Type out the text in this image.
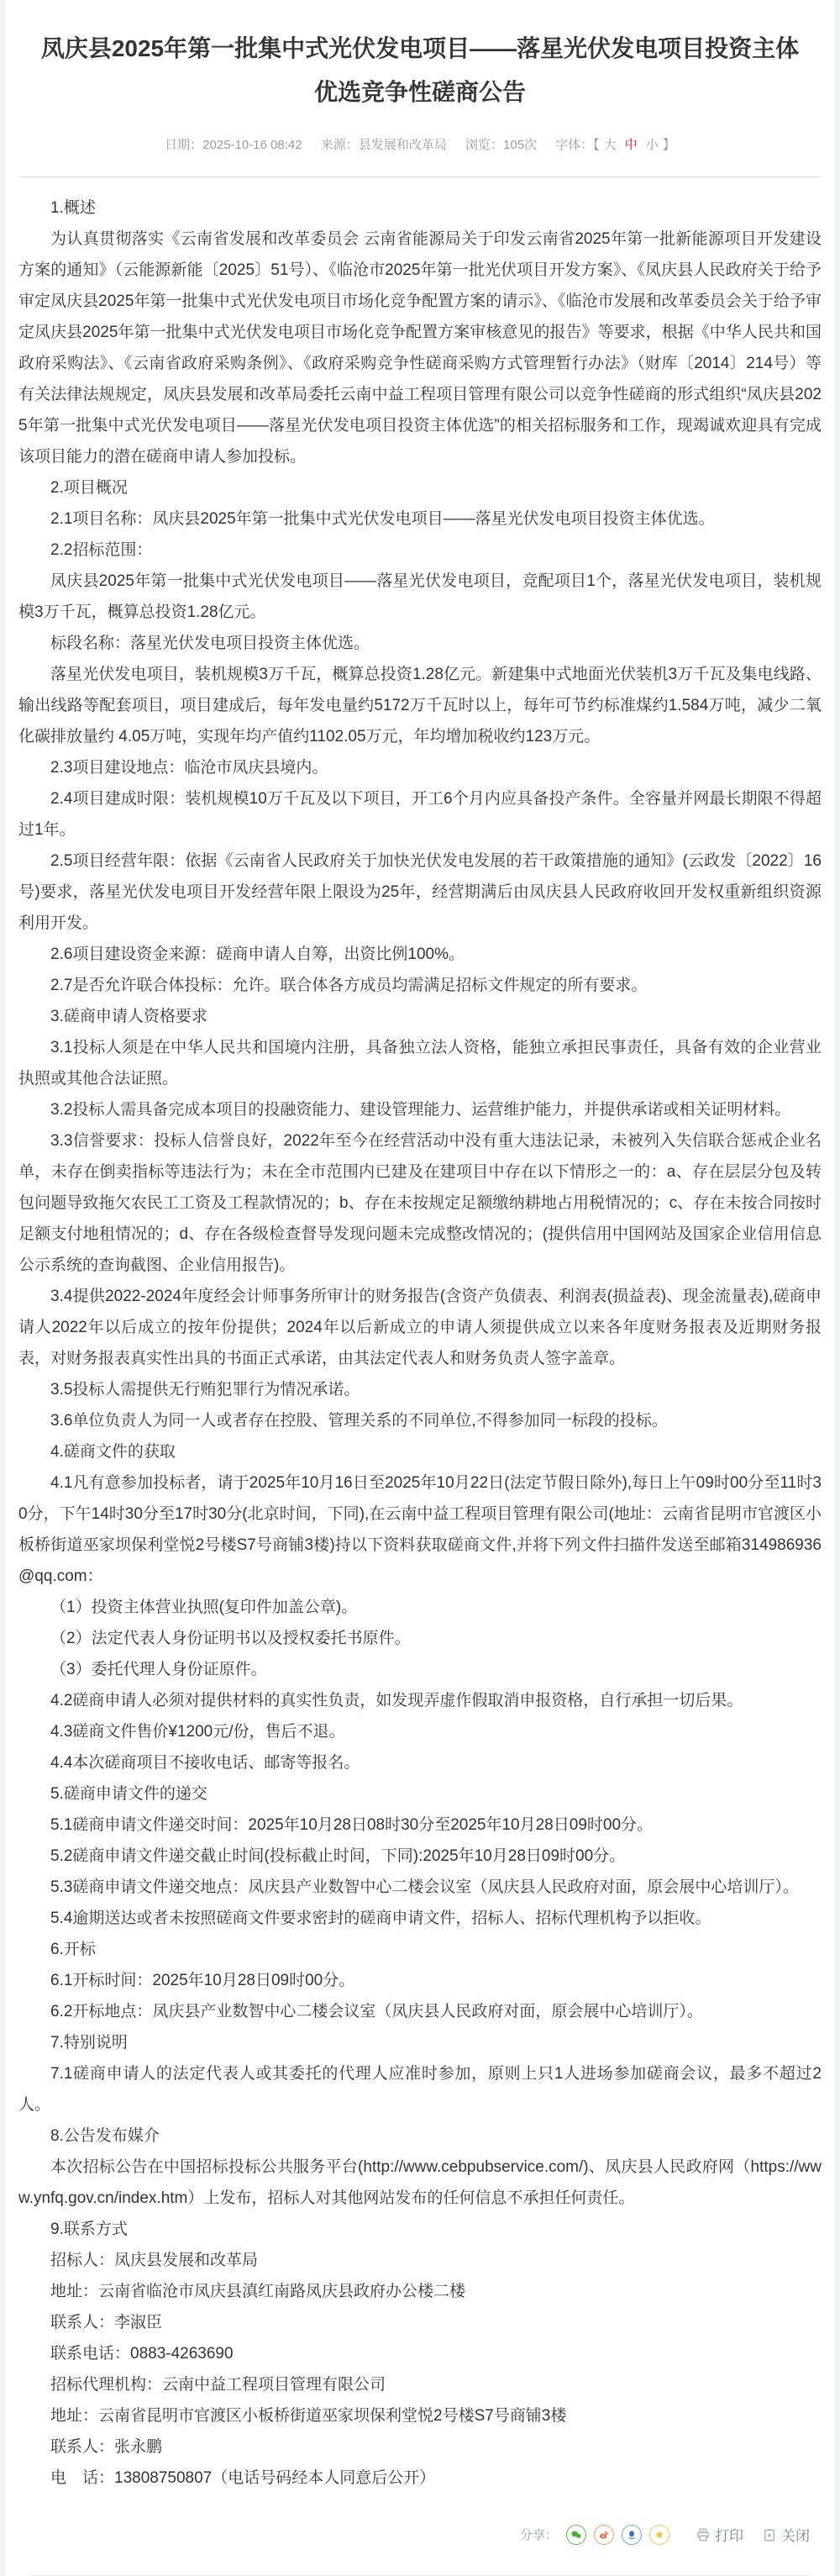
凤庆县2025年第一批集中式光伏发电项目——落星光伏发电项目投资主体优选竞争性磋商公告
日期：2025-10-16 08:42 来源：县发展和改革局 浏览：105次 字体：【 大 中 小 】

1.概述

为认真贯彻落实《云南省发展和改革委员会 云南省能源局关于印发云南省2025年第一批新能源项目开发建设方案的通知》（云能源新能〔2025〕51号）、《临沧市2025年第一批光伏项目开发方案》、《凤庆县人民政府关于给予审定凤庆县2025年第一批集中式光伏发电项目市场化竞争配置方案的请示》、《临沧市发展和改革委员会关于给予审定凤庆县2025年第一批集中式光伏发电项目市场化竞争配置方案审核意见的报告》等要求，根据《中华人民共和国政府采购法》、《云南省政府采购条例》、《政府采购竞争性磋商采购方式管理暂行办法》（财库〔2014〕214号）等有关法律法规规定，凤庆县发展和改革局委托云南中益工程项目管理有限公司以竞争性磋商的形式组织“凤庆县2025年第一批集中式光伏发电项目——落星光伏发电项目投资主体优选”的相关招标服务和工作，现竭诚欢迎具有完成该项目能力的潜在磋商申请人参加投标。

2.项目概况

2.1项目名称：凤庆县2025年第一批集中式光伏发电项目——落星光伏发电项目投资主体优选。

2.2招标范围：

凤庆县2025年第一批集中式光伏发电项目——落星光伏发电项目，竞配项目1个，落星光伏发电项目，装机规模3万千瓦，概算总投资1.28亿元。

标段名称：落星光伏发电项目投资主体优选。

落星光伏发电项目，装机规模3万千瓦，概算总投资1.28亿元。新建集中式地面光伏装机3万千瓦及集电线路、输出线路等配套项目，项目建成后，每年发电量约5172万千瓦时以上，每年可节约标准煤约1.584万吨，减少二氧化碳排放量约 4.05万吨，实现年均产值约1102.05万元，年均增加税收约123万元。

2.3项目建设地点：临沧市凤庆县境内。

2.4项目建成时限：装机规模10万千瓦及以下项目，开工6个月内应具备投产条件。全容量并网最长期限不得超过1年。

2.5项目经营年限：依据《云南省人民政府关于加快光伏发电发展的若干政策措施的通知》(云政发〔2022〕16号)要求，落星光伏发电项目开发经营年限上限设为25年，经营期满后由凤庆县人民政府收回开发权重新组织资源利用开发。

2.6项目建设资金来源：磋商申请人自筹，出资比例100%。

2.7是否允许联合体投标：允许。联合体各方成员均需满足招标文件规定的所有要求。

3.磋商申请人资格要求

3.1投标人须是在中华人民共和国境内注册，具备独立法人资格，能独立承担民事责任，具备有效的企业营业执照或其他合法证照。

3.2投标人需具备完成本项目的投融资能力、建设管理能力、运营维护能力，并提供承诺或相关证明材料。

3.3信誉要求：投标人信誉良好，2022年至今在经营活动中没有重大违法记录，未被列入失信联合惩戒企业名单，未存在倒卖指标等违法行为；未在全市范围内已建及在建项目中存在以下情形之一的：a、存在层层分包及转包问题导致拖欠农民工工资及工程款情况的；b、存在未按规定足额缴纳耕地占用税情况的；c、存在未按合同按时足额支付地租情况的；d、存在各级检查督导发现问题未完成整改情况的；(提供信用中国网站及国家企业信用信息公示系统的查询截图、企业信用报告)。

3.4提供2022-2024年度经会计师事务所审计的财务报告(含资产负债表、利润表(损益表)、现金流量表),磋商申请人2022年以后成立的按年份提供；2024年以后新成立的申请人须提供成立以来各年度财务报表及近期财务报表，对财务报表真实性出具的书面正式承诺，由其法定代表人和财务负责人签字盖章。

3.5投标人需提供无行贿犯罪行为情况承诺。

3.6单位负责人为同一人或者存在控股、管理关系的不同单位,不得参加同一标段的投标。

4.磋商文件的获取

4.1凡有意参加投标者，请于2025年10月16日至2025年10月22日(法定节假日除外),每日上午09时00分至11时30分，下午14时30分至17时30分(北京时间，下同),在云南中益工程项目管理有限公司(地址：云南省昆明市官渡区小板桥街道巫家坝保利堂悦2号楼S7号商铺3楼)持以下资料获取磋商文件,并将下列文件扫描件发送至邮箱314986936@qq.com：

（1）投资主体营业执照(复印件加盖公章)。

（2）法定代表人身份证明书以及授权委托书原件。

（3）委托代理人身份证原件。

4.2磋商申请人必须对提供材料的真实性负责，如发现弄虚作假取消申报资格，自行承担一切后果。

4.3磋商文件售价¥1200元/份，售后不退。

4.4本次磋商项目不接收电话、邮寄等报名。

5.磋商申请文件的递交

5.1磋商申请文件递交时间：2025年10月28日08时30分至2025年10月28日09时00分。

5.2磋商申请文件递交截止时间(投标截止时间，下同):2025年10月28日09时00分。

5.3磋商申请文件递交地点：凤庆县产业数智中心二楼会议室（凤庆县人民政府对面，原会展中心培训厅）。

5.4逾期送达或者未按照磋商文件要求密封的磋商申请文件，招标人、招标代理机构予以拒收。

6.开标

6.1开标时间：2025年10月28日09时00分。

6.2开标地点：凤庆县产业数智中心二楼会议室（凤庆县人民政府对面，原会展中心培训厅）。

7.特别说明

7.1磋商申请人的法定代表人或其委托的代理人应准时参加，原则上只1人进场参加磋商会议，最多不超过2人。

8.公告发布媒介

本次招标公告在中国招标投标公共服务平台(http://www.cebpubservice.com/)、凤庆县人民政府网（https://www.ynfq.gov.cn/index.htm）上发布，招标人对其他网站发布的任何信息不承担任何责任。

9.联系方式

招标人：凤庆县发展和改革局

地址：云南省临沧市凤庆县滇红南路凤庆县政府办公楼二楼

联系人：李淑臣

联系电话：0883-4263690

招标代理机构：云南中益工程项目管理有限公司

地址：云南省昆明市官渡区小板桥街道巫家坝保利堂悦2号楼S7号商铺3楼

联系人：张永鹏

电　话：13808750807（电话号码经本人同意后公开）

分享：	打印	关闭
